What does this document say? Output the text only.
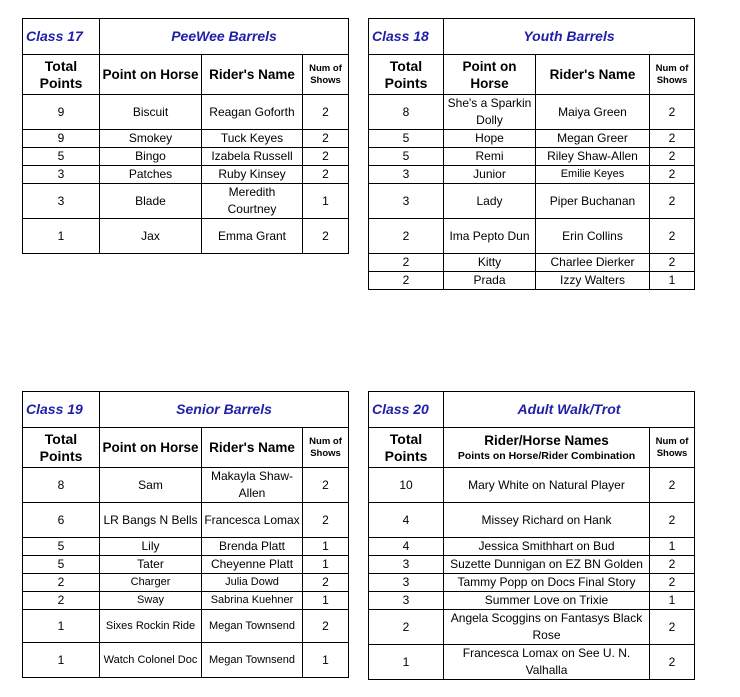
Class 17	PeeWee Barrels		
Total
Points	Point on Horse	Rider's Name	Num of
Shows
9	Biscuit	Reagan Goforth	2
9	Smokey	Tuck Keyes	2
5	Bingo	Izabela Russell	2
3	Patches	Ruby Kinsey	2
3	Blade	Meredith Courtney	1
1	Jax	Emma Grant	2
Class 18	Youth Barrels		
Total
Points	Point on
Horse	Rider's Name	Num of
Shows
8	She's a Sparkin Dolly	Maiya Green	2
5	Hope	Megan Greer	2
5	Remi	Riley Shaw-Allen	2
3	Junior	Emilie Keyes	2
3	Lady	Piper Buchanan	2
2	Ima Pepto Dun	Erin Collins	2
2	Kitty	Charlee Dierker	2
2	Prada	Izzy Walters	1
Class 19	Senior Barrels		
Total
Points	Point on Horse	Rider's Name	Num of
Shows
8	Sam	Makayla Shaw-Allen	2
6	LR Bangs N Bells	Francesca Lomax	2
5	Lily	Brenda Platt	1
5	Tater	Cheyenne Platt	1
2	Charger	Julia Dowd	2
2	Sway	Sabrina Kuehner	1
1	Sixes Rockin Ride	Megan Townsend	2
1	Watch Colonel Doc	Megan Townsend	1
Class 20	Adult Walk/Trot	
Total
Points	Rider/Horse Names
Points on Horse/Rider Combination	Num of
Shows
10	Mary White on Natural Player	2
4	Missey Richard on Hank	2
4	Jessica Smithhart on Bud	1
3	Suzette Dunnigan on EZ BN Golden	2
3	Tammy Popp on Docs Final Story	2
3	Summer Love on Trixie	1
2	Angela Scoggins on Fantasys Black Rose	2
1	Francesca Lomax on See U. N. Valhalla	2
